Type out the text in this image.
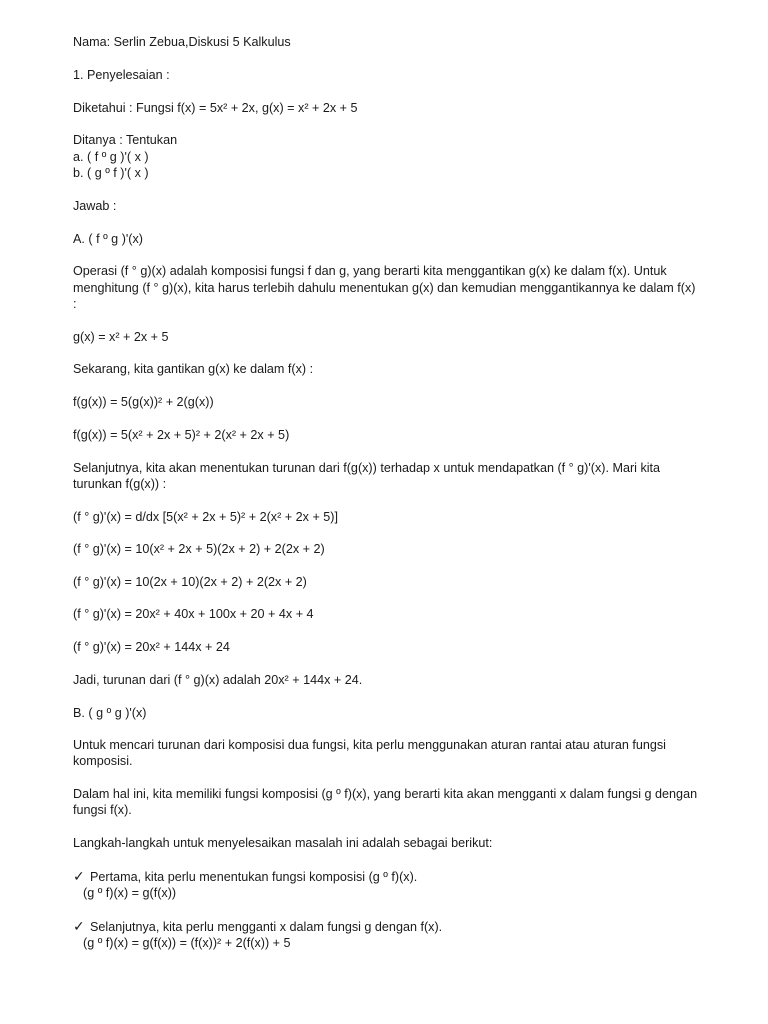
Nama: Serlin Zebua,Diskusi 5 Kalkulus
1. Penyelesaian :
Diketahui : Fungsi f(x) = 5x² + 2x, g(x) = x² + 2x + 5
Ditanya : Tentukan
a. ( f º g )'( x )
b. ( g º f )'( x )
Jawab :
A. ( f º g )'(x)
Operasi (f ° g)(x) adalah komposisi fungsi f dan g, yang berarti kita menggantikan g(x) ke dalam f(x). Untuk
menghitung (f ° g)(x), kita harus terlebih dahulu menentukan g(x) dan kemudian menggantikannya ke dalam f(x)
:
g(x) = x² + 2x + 5
Sekarang, kita gantikan g(x) ke dalam f(x) :
f(g(x)) = 5(g(x))² + 2(g(x))
f(g(x)) = 5(x² + 2x + 5)² + 2(x² + 2x + 5)
Selanjutnya, kita akan menentukan turunan dari f(g(x)) terhadap x untuk mendapatkan (f ° g)'(x). Mari kita
turunkan f(g(x)) :
(f ° g)'(x) = d/dx [5(x² + 2x + 5)² + 2(x² + 2x + 5)]
(f ° g)'(x) = 10(x² + 2x + 5)(2x + 2) + 2(2x + 2)
(f ° g)'(x) = 10(2x + 10)(2x + 2) + 2(2x + 2)
(f ° g)'(x) = 20x² + 40x + 100x + 20 + 4x + 4
(f ° g)'(x) = 20x² + 144x + 24
Jadi, turunan dari (f ° g)(x) adalah 20x² + 144x + 24.
B. ( g º g )'(x)
Untuk mencari turunan dari komposisi dua fungsi, kita perlu menggunakan aturan rantai atau aturan fungsi
komposisi.
Dalam hal ini, kita memiliki fungsi komposisi (g º f)(x), yang berarti kita akan mengganti x dalam fungsi g dengan
fungsi f(x).
Langkah-langkah untuk menyelesaikan masalah ini adalah sebagai berikut:
✓ Pertama, kita perlu menentukan fungsi komposisi (g º f)(x).
(g º f)(x) = g(f(x))
✓ Selanjutnya, kita perlu mengganti x dalam fungsi g dengan f(x).
(g º f)(x) = g(f(x)) = (f(x))² + 2(f(x)) + 5
